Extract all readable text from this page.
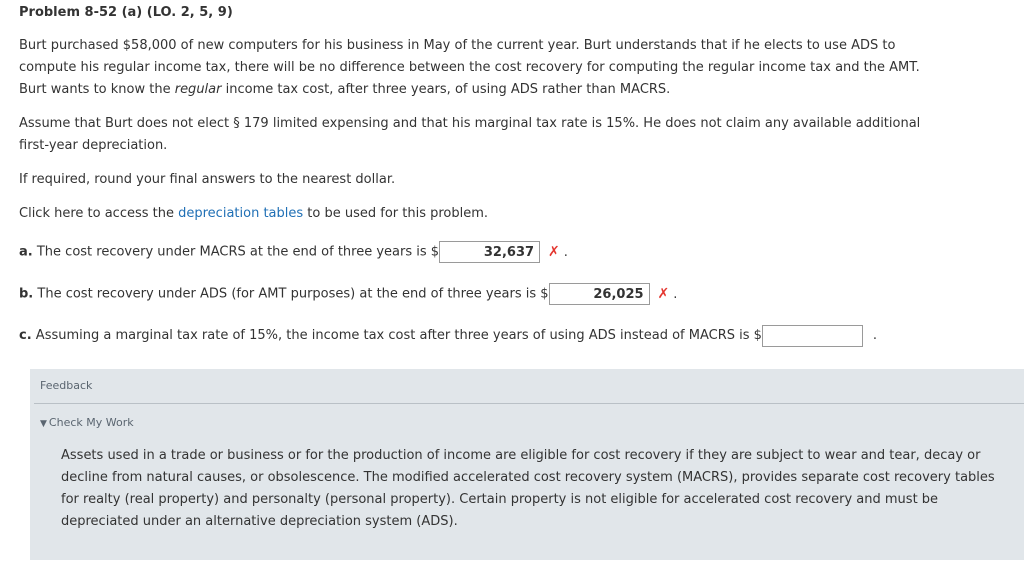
Problem 8-52 (a) (LO. 2, 5, 9)

Burt purchased $58,000 of new computers for his business in May of the current year. Burt understands that if he elects to use ADS to compute his regular income tax, there will be no difference between the cost recovery for computing the regular income tax and the AMT. Burt wants to know the regular income tax cost, after three years, of using ADS rather than MACRS.

Assume that Burt does not elect § 179 limited expensing and that his marginal tax rate is 15%. He does not claim any available additional first-year depreciation.

If required, round your final answers to the nearest dollar.

Click here to access the depreciation tables to be used for this problem.

a. The cost recovery under MACRS at the end of three years is $	32,637 ✗ .
b. The cost recovery under ADS (for AMT purposes) at the end of three years is $	26,025 ✗ .
c. Assuming a marginal tax rate of 15%, the income tax cost after three years of using ADS instead of MACRS is $	.
Feedback
▼ Check My Work
Assets used in a trade or business or for the production of income are eligible for cost recovery if they are subject to wear and tear, decay or decline from natural causes, or obsolescence. The modified accelerated cost recovery system (MACRS), provides separate cost recovery tables for realty (real property) and personalty (personal property). Certain property is not eligible for accelerated cost recovery and must be depreciated under an alternative depreciation system (ADS).
